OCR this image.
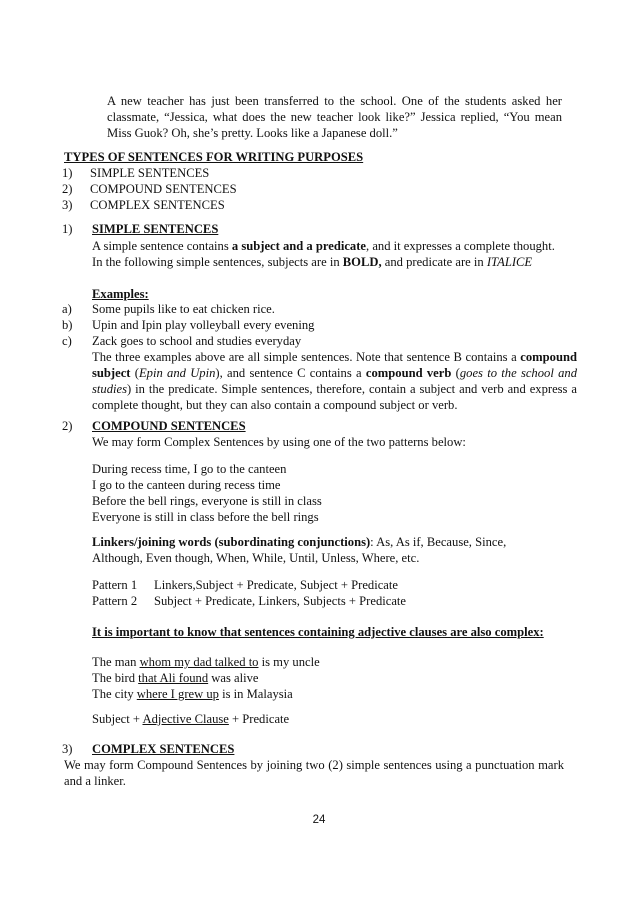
A new teacher has just been transferred to the school. One of the students asked her classmate, “Jessica, what does the new teacher look like?” Jessica replied, “You mean Miss Guok? Oh, she’s pretty. Looks like a Japanese doll.”
TYPES OF SENTENCES FOR WRITING PURPOSES
1) SIMPLE SENTENCES
2) COMPOUND SENTENCES
3) COMPLEX SENTENCES
1) SIMPLE SENTENCES
A simple sentence contains a subject and a predicate, and it expresses a complete thought.
In the following simple sentences, subjects are in BOLD, and predicate are in ITALICE
Examples:
a) Some pupils like to eat chicken rice.
b) Upin and Ipin play volleyball every evening
c) Zack goes to school and studies everyday
The three examples above are all simple sentences. Note that sentence B contains a compound subject (Epin and Upin), and sentence C contains a compound verb (goes to the school and studies) in the predicate. Simple sentences, therefore, contain a subject and verb and express a complete thought, but they can also contain a compound subject or verb.
2) COMPOUND SENTENCES
We may form Complex Sentences by using one of the two patterns below:
During recess time, I go to the canteen
I go to the canteen during recess time
Before the bell rings, everyone is still in class
Everyone is still in class before the bell rings
Linkers/joining words (subordinating conjunctions): As, As if, Because, Since,
Although, Even though, When, While, Until, Unless, Where, etc.
Pattern 1 Linkers,Subject + Predicate, Subject + Predicate
Pattern 2 Subject + Predicate, Linkers, Subjects + Predicate
It is important to know that sentences containing adjective clauses are also complex:
The man whom my dad talked to is my uncle
The bird that Ali found was alive
The city where I grew up is in Malaysia
Subject + Adjective Clause + Predicate
3) COMPLEX SENTENCES
We may form Compound Sentences by joining two (2) simple sentences using a punctuation mark and a linker.
24
